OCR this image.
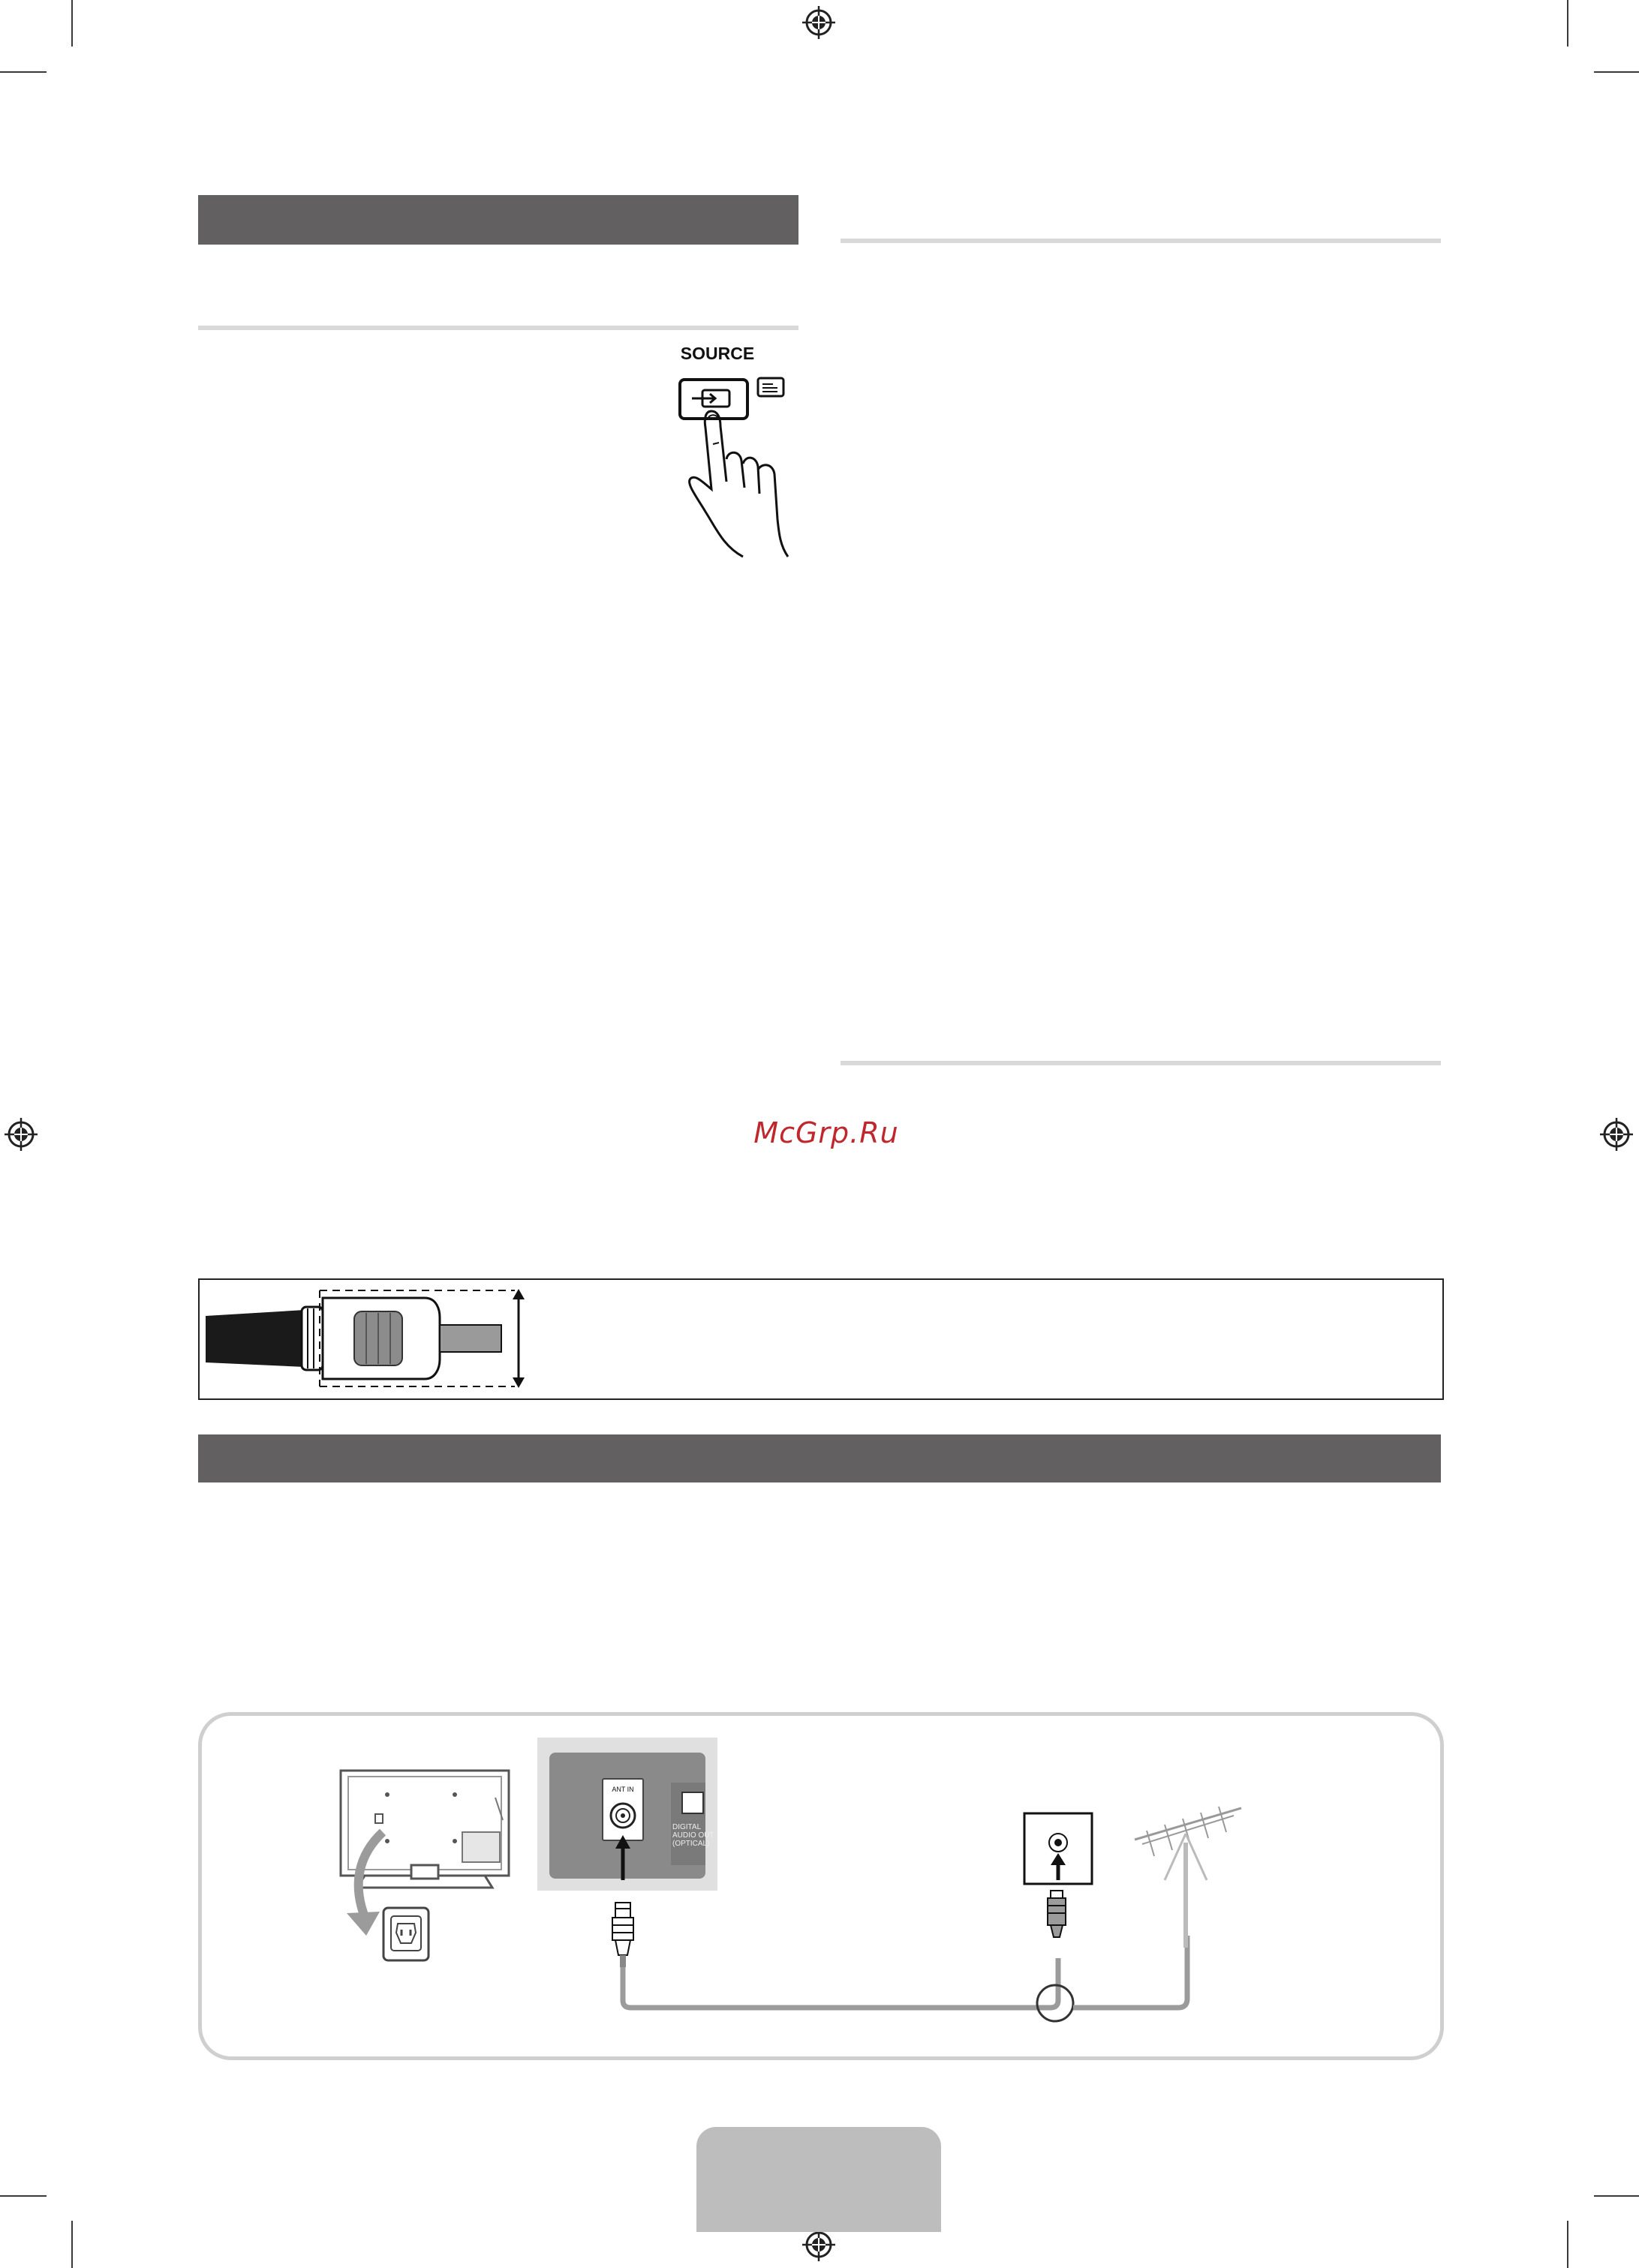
SOURCE
McGrp.Ru
ANT IN
DIGITAL
AUDIO OUT
(OPTICAL)
